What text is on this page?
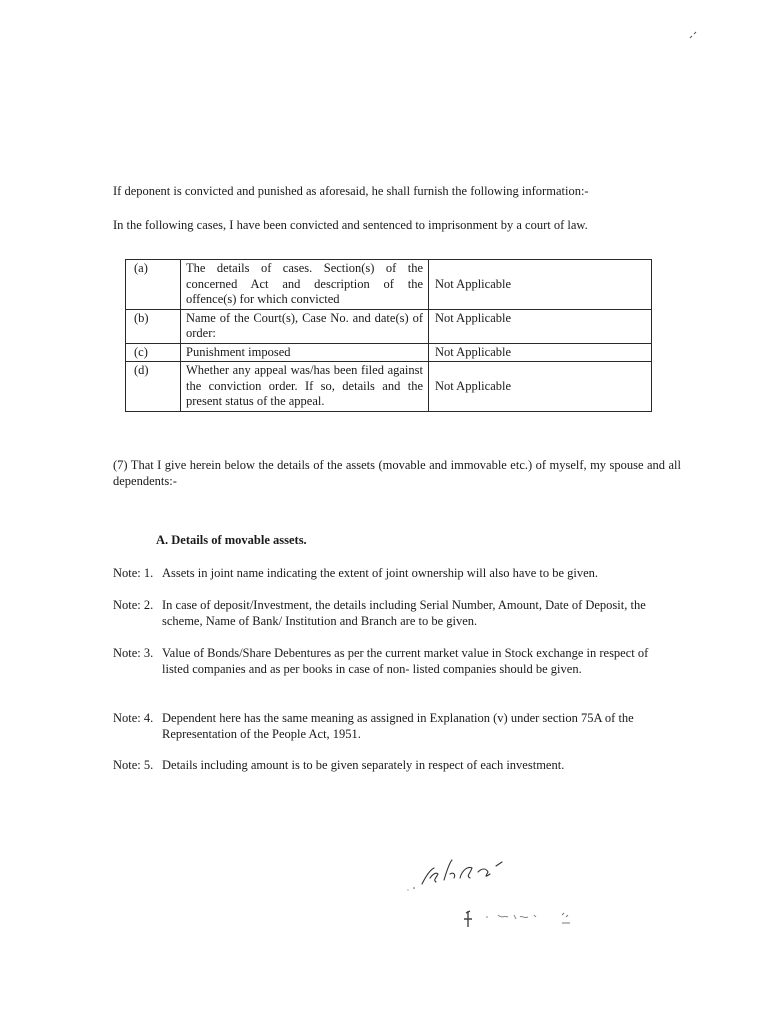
If deponent is convicted and punished as aforesaid, he shall furnish the following information:-

In the following cases, I have been convicted and sentenced to imprisonment by a court of law.

(a)	The details of cases. Section(s) of the concerned Act and description of the offence(s) for which convicted	Not Applicable
(b)	Name of the Court(s), Case No. and date(s) of order:	Not Applicable
(c)	Punishment imposed	Not Applicable
(d)	Whether any appeal was/has been filed against the conviction order. If so, details and the present status of the appeal.	Not Applicable

(7) That I give herein below the details of the assets (movable and immovable etc.) of myself, my spouse and all dependents:-

A. Details of movable assets.
Note: 1. Assets in joint name indicating the extent of joint ownership will also have to be given.
Note: 2. In case of deposit/Investment, the details including Serial Number, Amount, Date of Deposit, the scheme, Name of Bank/ Institution and Branch are to be given.
Note: 3. Value of Bonds/Share Debentures as per the current market value in Stock exchange in respect of listed companies and as per books in case of non- listed companies should be given.
Note: 4. Dependent here has the same meaning as assigned in Explanation (v) under section 75A of the Representation of the People Act, 1951.
Note: 5. Details including amount is to be given separately in respect of each investment.
